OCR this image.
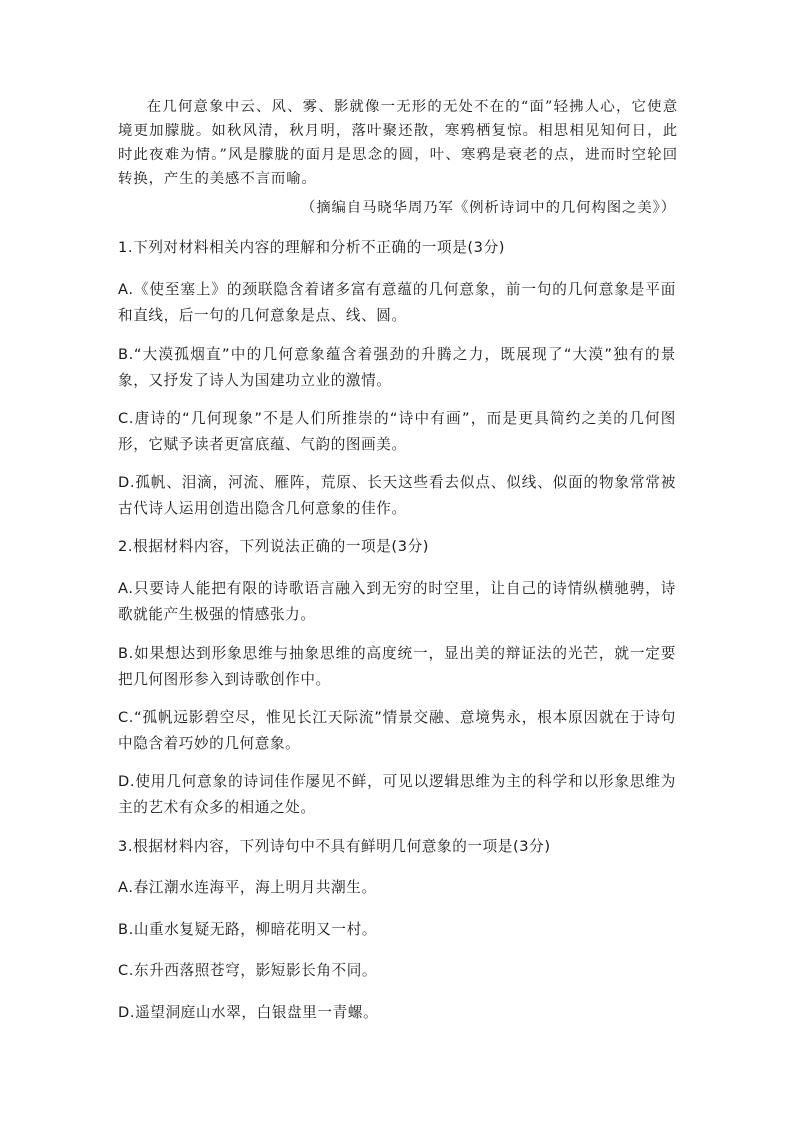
在几何意象中云、风、雾、影就像一无形的无处不在的“面”轻拂人心，它使意境更加朦胧。如秋风清，秋月明，落叶聚还散，寒鸦栖复惊。相思相见知何日，此时此夜难为情。”风是朦胧的面月是思念的圆，叶、寒鸦是衰老的点，进而时空轮回转换，产生的美感不言而喻。

（摘编自马晓华周乃军《例析诗词中的几何构图之美》）

1.下列对材料相关内容的理解和分析不正确的一项是(3分)

A.《使至塞上》的颈联隐含着诸多富有意蕴的几何意象，前一句的几何意象是平面和直线，后一句的几何意象是点、线、圆。

B.“大漠孤烟直”中的几何意象蕴含着强劲的升腾之力，既展现了“大漠”独有的景象，又抒发了诗人为国建功立业的激情。

C.唐诗的“几何现象”不是人们所推崇的“诗中有画”，而是更具简约之美的几何图形，它赋予读者更富底蕴、气韵的图画美。

D.孤帆、泪滴，河流、雁阵，荒原、长天这些看去似点、似线、似面的物象常常被古代诗人运用创造出隐含几何意象的佳作。

2.根据材料内容，下列说法正确的一项是(3分)

A.只要诗人能把有限的诗歌语言融入到无穷的时空里，让自己的诗情纵横驰骋，诗歌就能产生极强的情感张力。

B.如果想达到形象思维与抽象思维的高度统一，显出美的辩证法的光芒，就一定要把几何图形参入到诗歌创作中。

C.“孤帆远影碧空尽，惟见长江天际流”情景交融、意境隽永，根本原因就在于诗句中隐含着巧妙的几何意象。

D.使用几何意象的诗词佳作屡见不鲜，可见以逻辑思维为主的科学和以形象思维为主的艺术有众多的相通之处。

3.根据材料内容，下列诗句中不具有鲜明几何意象的一项是(3分)

A.春江潮水连海平，海上明月共潮生。

B.山重水复疑无路，柳暗花明又一村。

C.东升西落照苍穹，影短影长角不同。

D.遥望洞庭山水翠，白银盘里一青螺。
